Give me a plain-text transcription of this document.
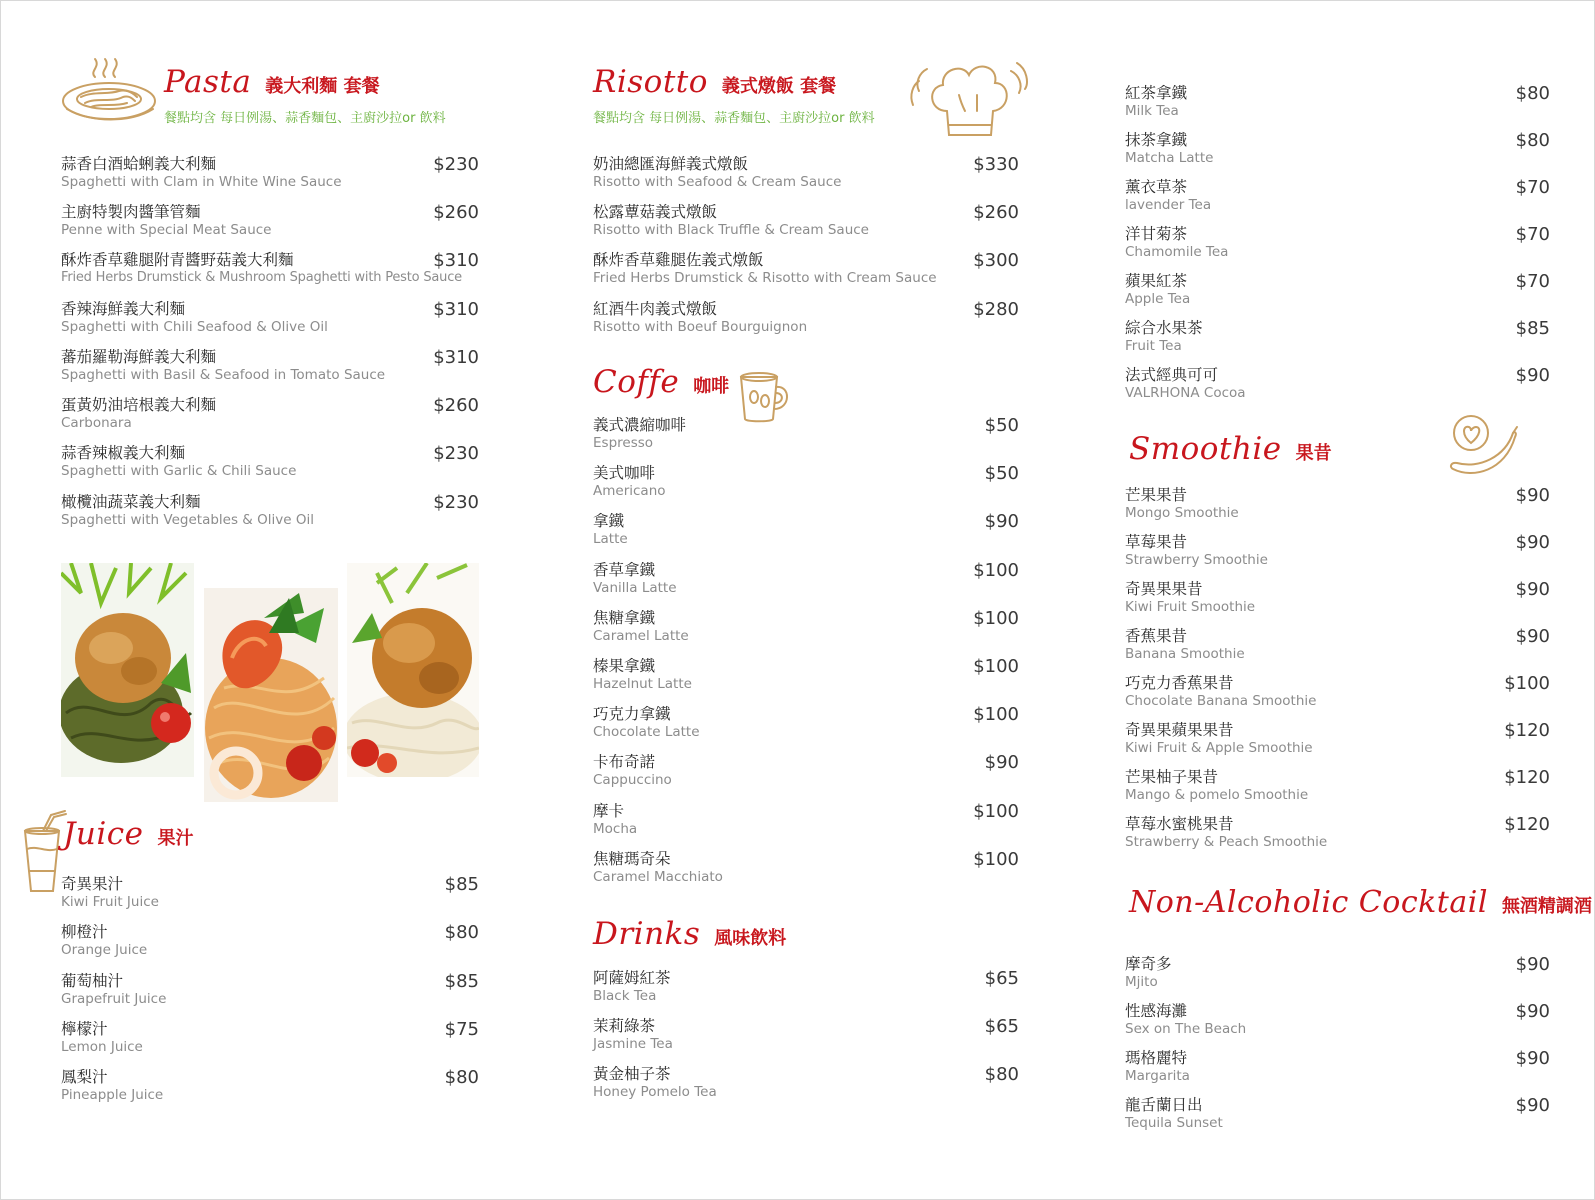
Pasta 義大利麵 套餐
餐點均含 每日例湯、蒜香麵包、主廚沙拉or 飲料
蒜香白酒蛤蜊義大利麵
Spaghetti with Clam in White Wine Sauce
$230
主廚特製肉醬筆管麵
Penne with Special Meat Sauce
$260
酥炸香草雞腿附青醬野菇義大利麵
Fried Herbs Drumstick & Mushroom Spaghetti with Pesto Sauce
$310
香辣海鮮義大利麵
Spaghetti with Chili Seafood & Olive Oil
$310
蕃茄羅勒海鮮義大利麵
Spaghetti with Basil & Seafood in Tomato Sauce
$310
蛋黃奶油培根義大利麵
Carbonara
$260
蒜香辣椒義大利麵
Spaghetti with Garlic & Chili Sauce
$230
橄欖油蔬菜義大利麵
Spaghetti with Vegetables & Olive Oil
$230
Juice 果汁
奇異果汁
Kiwi Fruit Juice
$85
柳橙汁
Orange Juice
$80
葡萄柚汁
Grapefruit Juice
$85
檸檬汁
Lemon Juice
$75
鳳梨汁
Pineapple Juice
$80
Risotto 義式燉飯 套餐
餐點均含 每日例湯、蒜香麵包、主廚沙拉or 飲料
奶油總匯海鮮義式燉飯
Risotto with Seafood & Cream Sauce
$330
松露蕈菇義式燉飯
Risotto with Black Truffle & Cream Sauce
$260
酥炸香草雞腿佐義式燉飯
Fried Herbs Drumstick & Risotto with Cream Sauce
$300
紅酒牛肉義式燉飯
Risotto with Boeuf Bourguignon
$280
Coffe 咖啡
義式濃縮咖啡
Espresso
$50
美式咖啡
Americano
$50
拿鐵
Latte
$90
香草拿鐵
Vanilla Latte
$100
焦糖拿鐵
Caramel Latte
$100
榛果拿鐵
Hazelnut Latte
$100
巧克力拿鐵
Chocolate Latte
$100
卡布奇諾
Cappuccino
$90
摩卡
Mocha
$100
焦糖瑪奇朵
Caramel Macchiato
$100
Drinks 風味飲料
阿薩姆紅茶
Black Tea
$65
茉莉綠茶
Jasmine Tea
$65
黃金柚子茶
Honey Pomelo Tea
$80
紅茶拿鐵
Milk Tea
$80
抹茶拿鐵
Matcha Latte
$80
薰衣草茶
lavender Tea
$70
洋甘菊茶
Chamomile Tea
$70
蘋果紅茶
Apple Tea
$70
綜合水果茶
Fruit Tea
$85
法式經典可可
VALRHONA Cocoa
$90
Smoothie 果昔
芒果果昔
Mongo Smoothie
$90
草莓果昔
Strawberry Smoothie
$90
奇異果果昔
Kiwi Fruit Smoothie
$90
香蕉果昔
Banana Smoothie
$90
巧克力香蕉果昔
Chocolate Banana Smoothie
$100
奇異果蘋果果昔
Kiwi Fruit & Apple Smoothie
$120
芒果柚子果昔
Mango & pomelo Smoothie
$120
草莓水蜜桃果昔
Strawberry & Peach Smoothie
$120
Non-Alcoholic Cocktail 無酒精調酒
摩奇多
Mjito
$90
性感海灘
Sex on The Beach
$90
瑪格麗特
Margarita
$90
龍舌蘭日出
Tequila Sunset
$90
